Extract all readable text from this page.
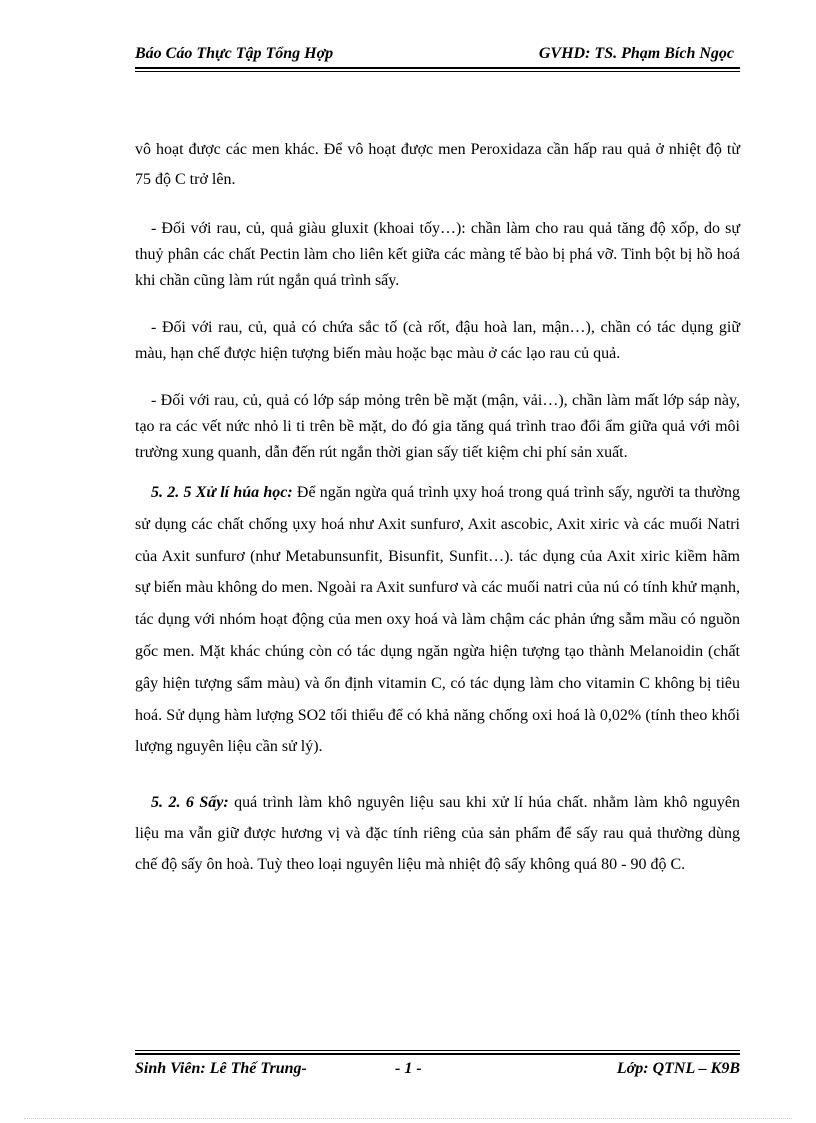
Báo Cáo Thực Tập Tổng Hợp	GVHD: TS. Phạm Bích Ngọc

vô hoạt được các men khác. Để vô hoạt được men Peroxidaza cần hấp rau quả ở nhiệt độ từ 75 độ C trở lên.

- Đối với rau, củ, quả giàu gluxit (khoai tốy…): chần làm cho rau quả tăng độ xốp, do sự thuỷ phân các chất Pectin làm cho liên kết giữa các màng tế bào bị phá vỡ. Tinh bột bị hồ hoá khi chần cũng làm rút ngắn quá trình sấy.

- Đối với rau, củ, quả có chứa sắc tố (cà rốt, đậu hoà lan, mận…), chần có tác dụng giữ màu, hạn chế được hiện tượng biến màu hoặc bạc màu ở các lạo rau củ quả.

- Đối với rau, củ, quả có lớp sáp mỏng trên bề mặt (mận, vải…), chần làm mất lớp sáp này, tạo ra các vết nức nhỏ li ti trên bề mặt, do đó gia tăng quá trình trao đổi ẩm giữa quả với môi trường xung quanh, dẫn đến rút ngắn thời gian sấy tiết kiệm chi phí sản xuất.

5. 2. 5 Xử lí húa học: Để ngăn ngừa quá trình ụxy hoá trong quá trình sấy, người ta thường sử dụng các chất chống ụxy hoá như Axit sunfurơ, Axit ascobic, Axit xiric và các muối Natri của Axit sunfurơ (như Metabunsunfit, Bisunfit, Sunfit…). tác dụng của Axit xiric kiềm hãm sự biến màu không do men. Ngoài ra Axit sunfurơ và các muối natri của nú có tính khử mạnh, tác dụng với nhóm hoạt động của men oxy hoá và làm chậm các phản ứng sẫm mầu có nguồn gốc men. Mặt khác chúng còn có tác dụng ngăn ngừa hiện tượng tạo thành Melanoidin (chất gây hiện tượng sẩm màu) và ổn định vitamin C, có tác dụng làm cho vitamin C không bị tiêu hoá. Sử dụng hàm lượng SO2 tối thiểu để có khả năng chống oxi hoá là 0,02% (tính theo khối lượng nguyên liệu cần sử lý).

5. 2. 6 Sấy: quá trình làm khô nguyên liệu sau khi xử lí húa chất. nhằm làm khô nguyên liệu ma vẫn giữ được hương vị và đặc tính riêng của sản phẩm để sấy rau quả thường dùng chế độ sấy ôn hoà. Tuỳ theo loại nguyên liệu mà nhiệt độ sấy không quá 80 - 90 độ C.

Sinh Viên: Lê Thế Trung-	- 1 -	Lớp: QTNL – K9B
